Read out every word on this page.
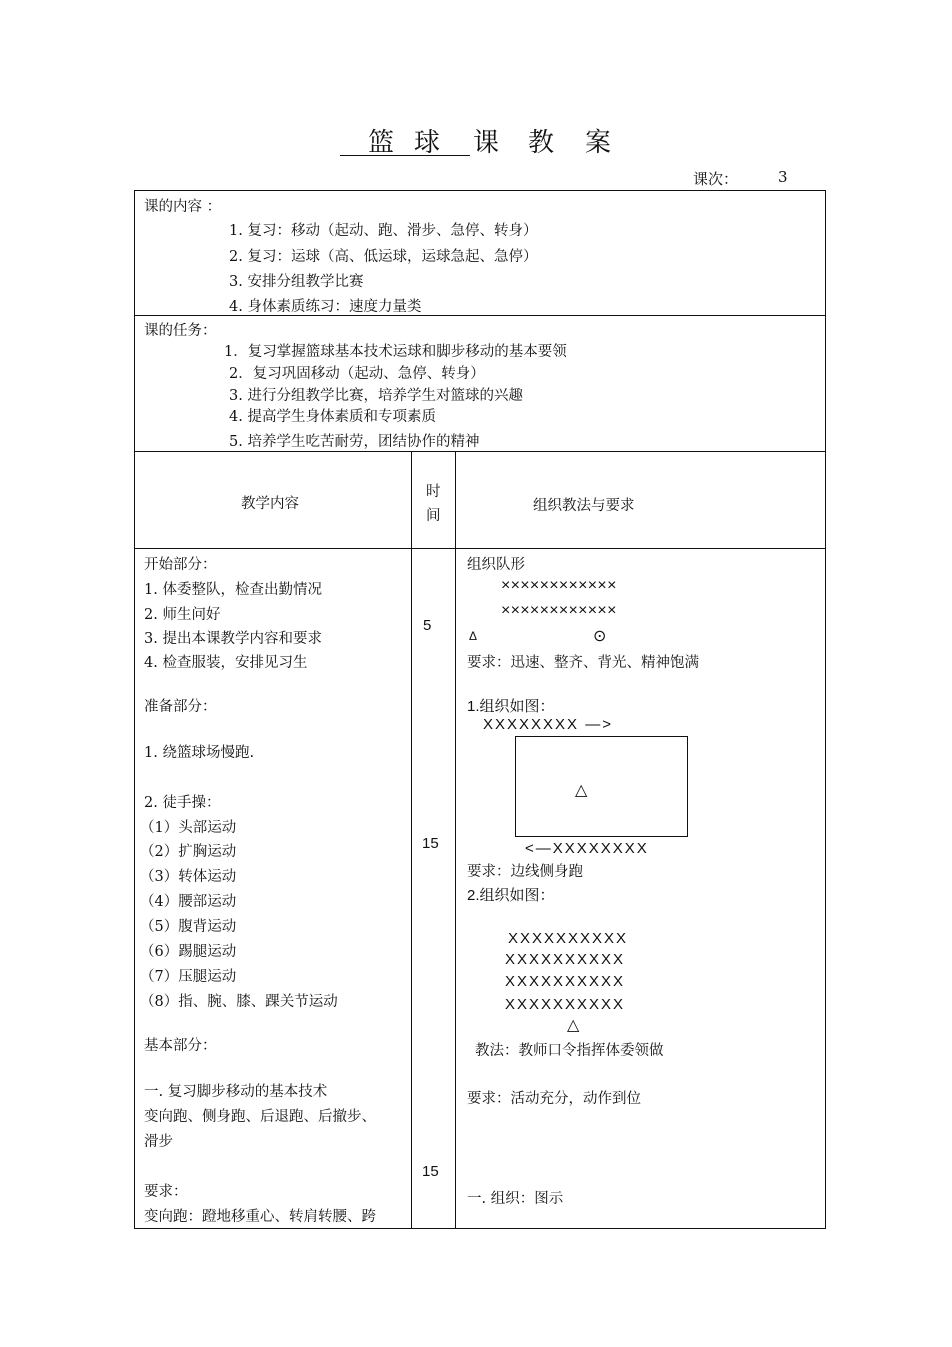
篮 球 课 教 案
课次：	3
课的内容 ：
1. 复习：移动（起动、跑、滑步、急停、转身）
2. 复习：运球（高、低运球，运球急起、急停）
3. 安排分组教学比赛
4. 身体素质练习：速度力量类
课的任务：
1．复习掌握篮球基本技术运球和脚步移动的基本要领
2．复习巩固移动（起动、急停、转身）
3. 进行分组教学比赛，培养学生对篮球的兴趣
4. 提高学生身体素质和专项素质
5. 培养学生吃苦耐劳，团结协作的精神
教学内容
时
间
组织教法与要求
开始部分：
1. 体委整队，检查出勤情况
2. 师生问好
3. 提出本课教学内容和要求
4. 检查服装，安排见习生
准备部分：
1. 绕篮球场慢跑.
2. 徒手操：
（1）头部运动
（2）扩胸运动
（3）转体运动
（4）腰部运动
（5）腹背运动
（6）踢腿运动
（7）压腿运动
（8）指、腕、膝、踝关节运动
基本部分：
一. 复习脚步移动的基本技术
变向跑、侧身跑、后退跑、后撤步、
滑步
要求：
变向跑：蹬地移重心、转肩转腰、跨
5
15
15
组织队形
××××××××××××
××××××××××××
Δ	⊙
要求：迅速、整齐、背光、精神饱满
1.组织如图：
XXXXXXXX —>
△
<—XXXXXXXX
要求：边线侧身跑
2.组织如图：
XXXXXXXXXX
XXXXXXXXXX
XXXXXXXXXX
XXXXXXXXXX
△
教法：教师口令指挥体委领做
要求：活动充分，动作到位
一. 组织：图示
